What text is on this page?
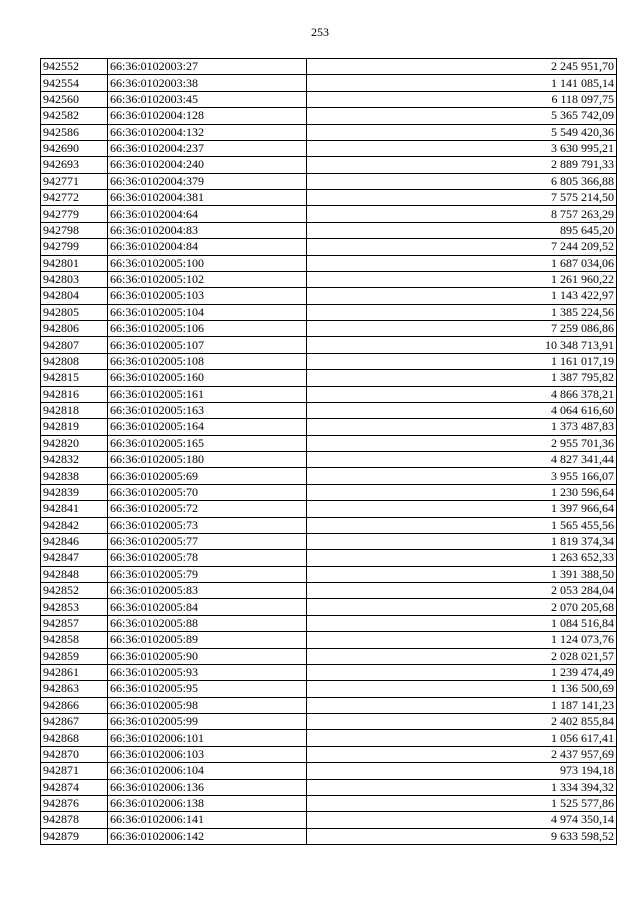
253
942552	66:36:0102003:27	2 245 951,70
942554	66:36:0102003:38	1 141 085,14
942560	66:36:0102003:45	6 118 097,75
942582	66:36:0102004:128	5 365 742,09
942586	66:36:0102004:132	5 549 420,36
942690	66:36:0102004:237	3 630 995,21
942693	66:36:0102004:240	2 889 791,33
942771	66:36:0102004:379	6 805 366,88
942772	66:36:0102004:381	7 575 214,50
942779	66:36:0102004:64	8 757 263,29
942798	66:36:0102004:83	895 645,20
942799	66:36:0102004:84	7 244 209,52
942801	66:36:0102005:100	1 687 034,06
942803	66:36:0102005:102	1 261 960,22
942804	66:36:0102005:103	1 143 422,97
942805	66:36:0102005:104	1 385 224,56
942806	66:36:0102005:106	7 259 086,86
942807	66:36:0102005:107	10 348 713,91
942808	66:36:0102005:108	1 161 017,19
942815	66:36:0102005:160	1 387 795,82
942816	66:36:0102005:161	4 866 378,21
942818	66:36:0102005:163	4 064 616,60
942819	66:36:0102005:164	1 373 487,83
942820	66:36:0102005:165	2 955 701,36
942832	66:36:0102005:180	4 827 341,44
942838	66:36:0102005:69	3 955 166,07
942839	66:36:0102005:70	1 230 596,64
942841	66:36:0102005:72	1 397 966,64
942842	66:36:0102005:73	1 565 455,56
942846	66:36:0102005:77	1 819 374,34
942847	66:36:0102005:78	1 263 652,33
942848	66:36:0102005:79	1 391 388,50
942852	66:36:0102005:83	2 053 284,04
942853	66:36:0102005:84	2 070 205,68
942857	66:36:0102005:88	1 084 516,84
942858	66:36:0102005:89	1 124 073,76
942859	66:36:0102005:90	2 028 021,57
942861	66:36:0102005:93	1 239 474,49
942863	66:36:0102005:95	1 136 500,69
942866	66:36:0102005:98	1 187 141,23
942867	66:36:0102005:99	2 402 855,84
942868	66:36:0102006:101	1 056 617,41
942870	66:36:0102006:103	2 437 957,69
942871	66:36:0102006:104	973 194,18
942874	66:36:0102006:136	1 334 394,32
942876	66:36:0102006:138	1 525 577,86
942878	66:36:0102006:141	4 974 350,14
942879	66:36:0102006:142	9 633 598,52
